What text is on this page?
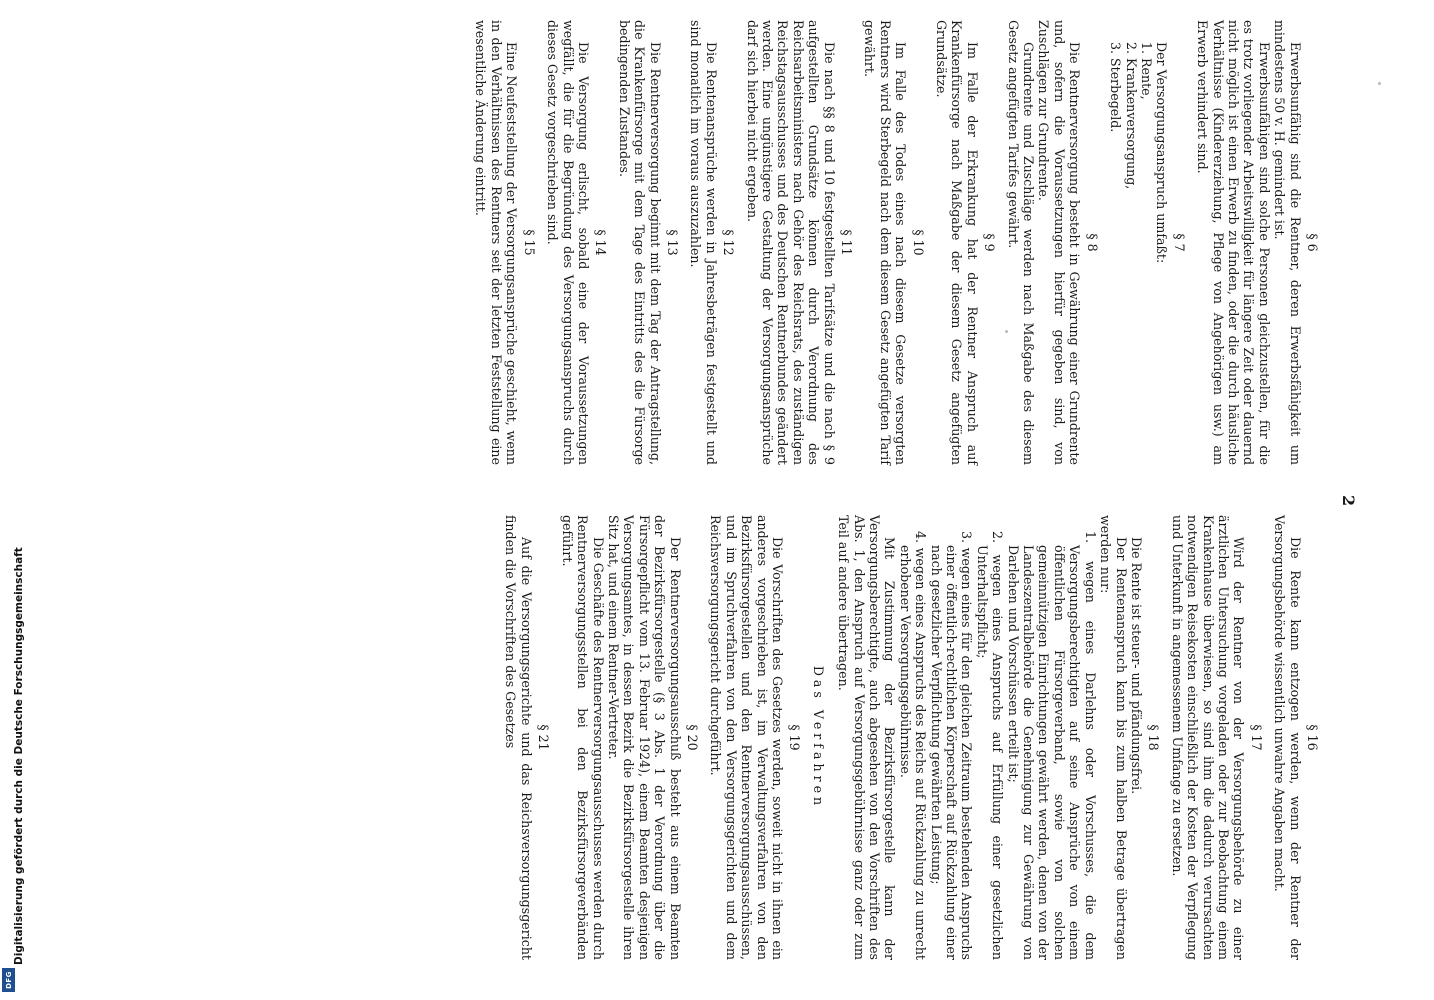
2
§ 6

Erwerbsunfähig sind die Rentner, deren Erwerbsfähigkeit um mindestens 50 v. H. gemindert ist.

Erwerbsunfähigen sind solche Personen gleichzustellen, für die es trotz vorliegender Arbeitswilligkeit für längere Zeit oder dauernd nicht möglich ist einen Erwerb zu finden, oder die durch häusliche Verhältnisse (Kindererziehung, Pflege von Angehörigen usw.) am Erwerb verhindert sind.

§ 7

Der Versorgungsanspruch umfaßt:

1. Rente,
2. Krankenversorgung,
3. Sterbegeld.
§ 8

Die Rentnerversorgung besteht in Gewährung einer Grundrente und, sofern die Voraussetzungen hierfür gegeben sind, von Zuschlägen zur Grundrente.

Grundrente und Zuschläge werden nach Maßgabe des diesem Gesetz angefügten Tarifes gewährt.

§ 9

Im Falle der Erkrankung hat der Rentner Anspruch auf Krankenfürsorge nach Maßgabe der diesem Gesetz angefügten Grundsätze.

§ 10

Im Falle des Todes eines nach diesem Gesetze versorgten Rentners wird Sterbegeld nach dem diesem Gesetz angefügten Tarif gewährt.

§ 11

Die nach §§ 8 und 10 festgestellten Tarifsätze und die nach § 9 aufgestellten Grundsätze können durch Verordnung des Reichsarbeitsministers nach Gehör des Reichsrats, des zuständigen Reichstagsausschusses und des Deutschen Rentnerbundes geändert werden. Eine ungünstigere Gestaltung der Versorgungsansprüche darf sich hierbei nicht ergeben.

§ 12

Die Rentenansprüche werden in Jahresbeträgen festgestellt und sind monatlich im voraus auszuzahlen.

§ 13

Die Rentnerversorgung beginnt mit dem Tag der Antragstellung, die Krankenfürsorge mit dem Tage des Eintritts des die Fürsorge bedingenden Zustandes.

§ 14

Die Versorgung erlischt, sobald eine der Voraussetzungen wegfällt, die für die Begründung des Versorgungsanspruchs durch dieses Gesetz vorgeschrieben sind.

§ 15

Eine Neufeststellung der Versorgungsansprüche geschieht, wenn in den Verhältnissen des Rentners seit der letzten Feststellung eine wesentliche Änderung eintritt.

§ 16

Die Rente kann entzogen werden, wenn der Rentner der Versorgungsbehörde wissentlich unwahre Angaben macht.

§ 17

Wird der Rentner von der Versorgungsbehörde zu einer ärztlichen Untersuchung vorgeladen oder zur Beobachtung einem Krankenhause überwiesen, so sind ihm die dadurch verursachten notwendigen Reisekosten einschließlich der Kosten der Verpflegung und Unterkunft in angemessenem Umfange zu ersetzen.

§ 18

Die Rente ist steuer- und pfändungsfrei.

Der Rentenanspruch kann bis zum halben Betrage übertragen werden nur:

1. wegen eines Darlehns oder Vorschusses, die dem Versorgungsberechtigten auf seine Ansprüche von einem öffentlichen Fürsorgeverband, sowie von solchen gemeinnützigen Einrichtungen gewährt werden, denen von der Landeszentralbehörde die Genehmigung zur Gewährung von Darlehen und Vorschüssen erteilt ist;
2. wegen eines Anspruchs auf Erfüllung einer gesetzlichen Unterhaltspflicht;
3. wegen eines für den gleichen Zeitraum bestehenden Anspruchs einer öffentlich-rechtlichen Körperschaft auf Rückzahlung einer nach gesetzlicher Verpflichtung gewährten Leistung;
4. wegen eines Anspruchs des Reichs auf Rückzahlung zu unrecht erhobener Versorgungsgebührnisse.

Mit Zustimmung der Bezirksfürsorgestelle kann der Versorgungsberechtigte, auch abgesehen von den Vorschriften des Abs. 1, den Anspruch auf Versorgungsgebührnisse ganz oder zum Teil auf andere übertragen.

Das Verfahren
§ 19

Die Vorschriften des Gesetzes werden, soweit nicht in ihnen ein anderes vorgeschrieben ist, im Verwaltungsverfahren von den Bezirksfürsorgestellen und den Rentnerversorgungsausschüssen, und im Spruchverfahren von den Versorgungsgerichten und dem Reichsversorgungsgericht durchgeführt.

§ 20

Der Rentnerversorgungsausschuß besteht aus einem Beamten der Bezirksfürsorgestelle (§ 3 Abs. 1 der Verordnung über die Fürsorgepflicht vom 13. Februar 1924), einem Beamten desjenigen Versorgungsamtes, in dessen Bezirk die Bezirksfürsorgestelle ihren Sitz hat, und einem Rentner-Vertreter.

Die Geschäfte des Rentnerversorgungsausschusses werden durch Rentnerversorgungsstellen bei den Bezirksfürsorgeverbänden geführt.

§ 21

Auf die Versorgungsgerichte und das Reichsversorgungsgericht finden die Vorschriften des Gesetzes

Digitalisierung gefördert durch die Deutsche Forschungsgemeinschaft
DFG
